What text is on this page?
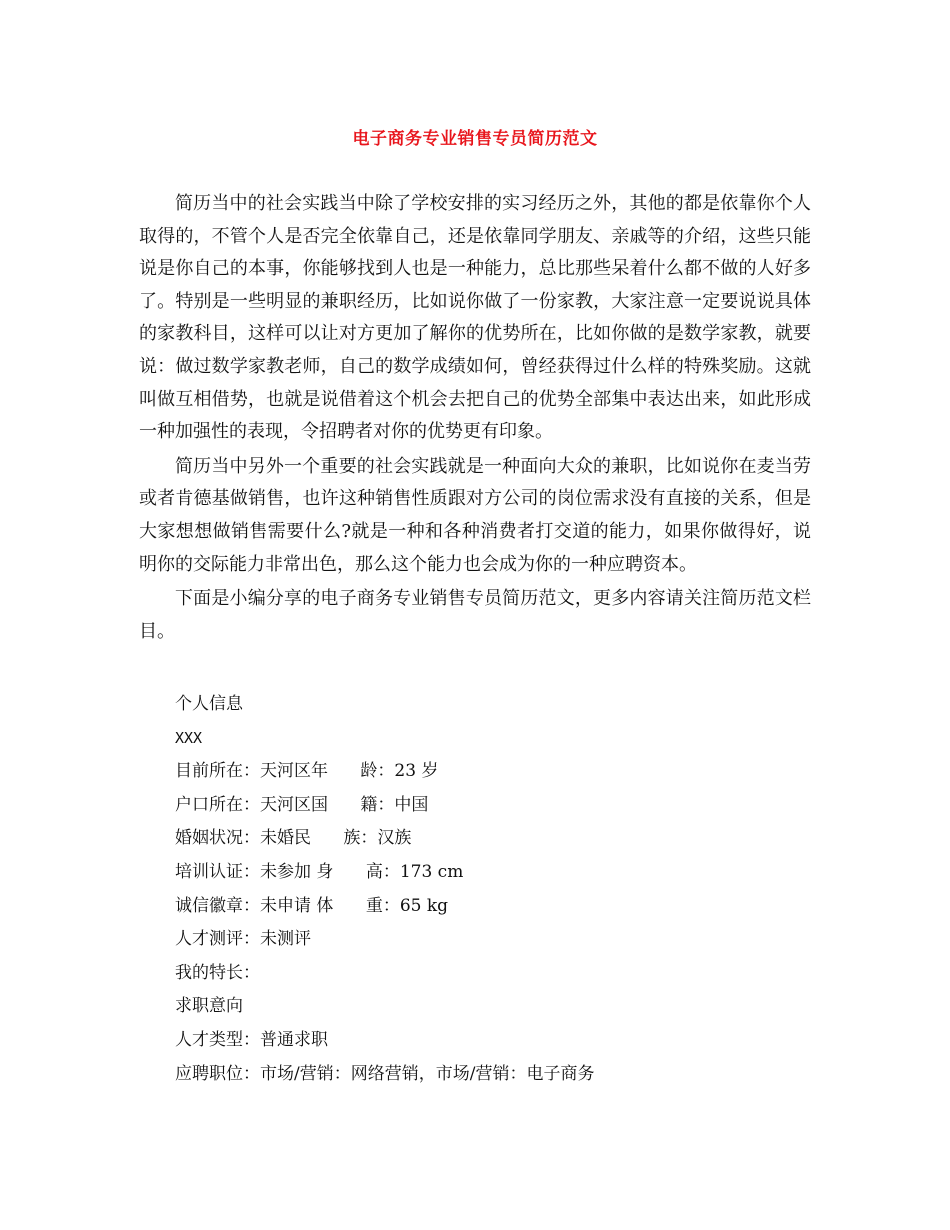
电子商务专业销售专员简历范文

简历当中的社会实践当中除了学校安排的实习经历之外，其他的都是依靠你个人取得的，不管个人是否完全依靠自己，还是依靠同学朋友、亲戚等的介绍，这些只能说是你自己的本事，你能够找到人也是一种能力，总比那些呆着什么都不做的人好多了。特别是一些明显的兼职经历，比如说你做了一份家教，大家注意一定要说说具体的家教科目，这样可以让对方更加了解你的优势所在，比如你做的是数学家教，就要说：做过数学家教老师，自己的数学成绩如何，曾经获得过什么样的特殊奖励。这就叫做互相借势，也就是说借着这个机会去把自己的优势全部集中表达出来，如此形成一种加强性的表现，令招聘者对你的优势更有印象。

简历当中另外一个重要的社会实践就是一种面向大众的兼职，比如说你在麦当劳或者肯德基做销售，也许这种销售性质跟对方公司的岗位需求没有直接的关系，但是大家想想做销售需要什么?就是一种和各种消费者打交道的能力，如果你做得好，说明你的交际能力非常出色，那么这个能力也会成为你的一种应聘资本。

下面是小编分享的电子商务专业销售专员简历范文，更多内容请关注简历范文栏目。

个人信息
XXX
目前所在：天河区年      龄：23 岁
户口所在：天河区国      籍：中国
婚姻状况：未婚民      族：汉族
培训认证：未参加 身      高：173 cm
诚信徽章：未申请 体      重：65 kg
人才测评：未测评
我的特长：
求职意向
人才类型：普通求职
应聘职位：市场/营销：网络营销，市场/营销：电子商务
